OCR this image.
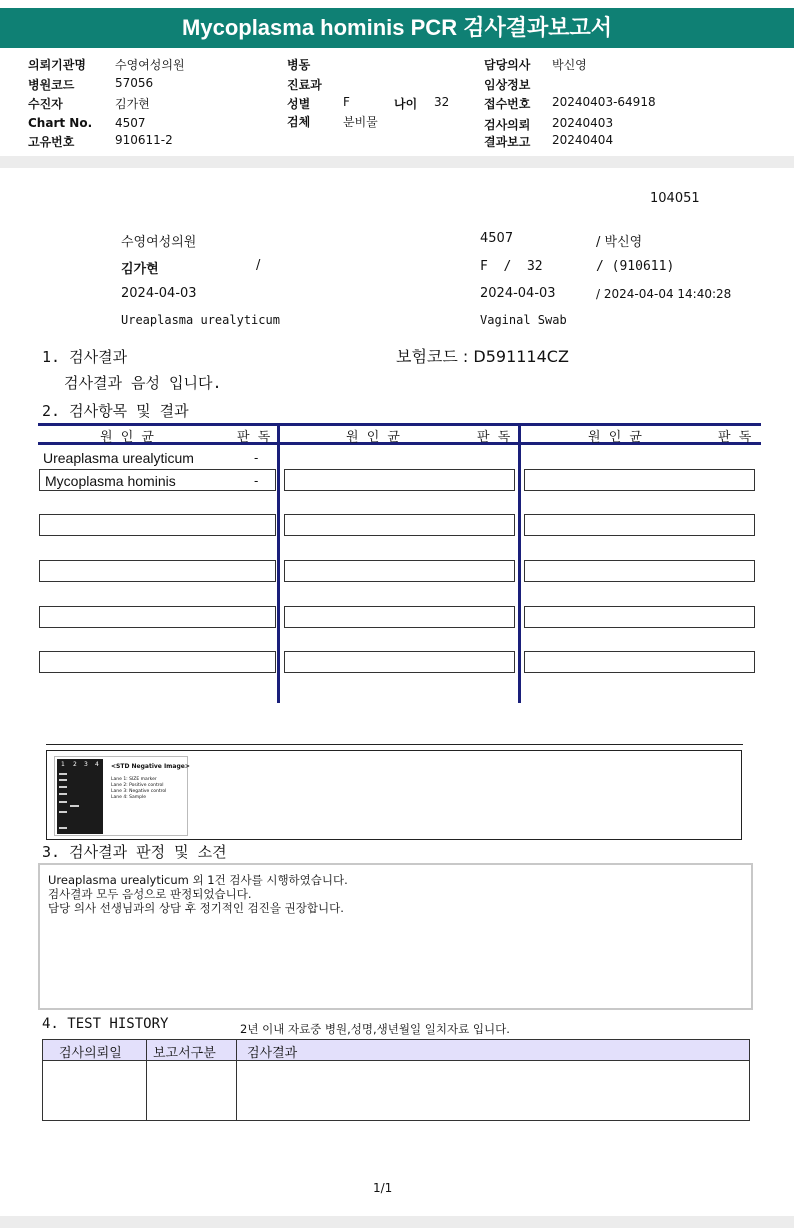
Mycoplasma hominis PCR 검사결과보고서
의뢰기관명 수영여성의원
병원코드	57056
수진자	김가현
Chart No. 4507
고유번호	910611-2
병동
진료과
성별	F	나이 32
검체	분비물
담당의사 박신영
임상정보
접수번호 20240403-64918
검사의뢰 20240403
결과보고 20240404
104051
수영여성의원	4507	/ 박신영
김가현	/	F  /  32	/ (910611)
2024-04-03	2024-04-03	/ 2024-04-04 14:40:28
Ureaplasma urealyticum	Vaginal Swab
1. 검사결과	보험코드 : D591114CZ
검사결과 음성 입니다.
2. 검사항목 및 결과
원 인 균	판 독	원 인 균	판 독	원 인 균	판 독
Ureaplasma urealyticum	-
Mycoplasma hominis	-
1 2 3 4 <STD Negative Image>
Lane 1: SIZE marker
Lane 2: Positive control
Lane 3: Negative control
Lane 4: Sample
3. 검사결과 판정 및 소견
Ureaplasma urealyticum 외 1건 검사를 시행하였습니다.
검사결과 모두 음성으로 판정되었습니다.
담당 의사 선생님과의 상담 후 정기적인 검진을 권장합니다.
4. TEST HISTORY	2년 이내 자료중 병원,성명,생년월일 일치자료 입니다.
검사의뢰일 보고서구분 검사결과
1/1
